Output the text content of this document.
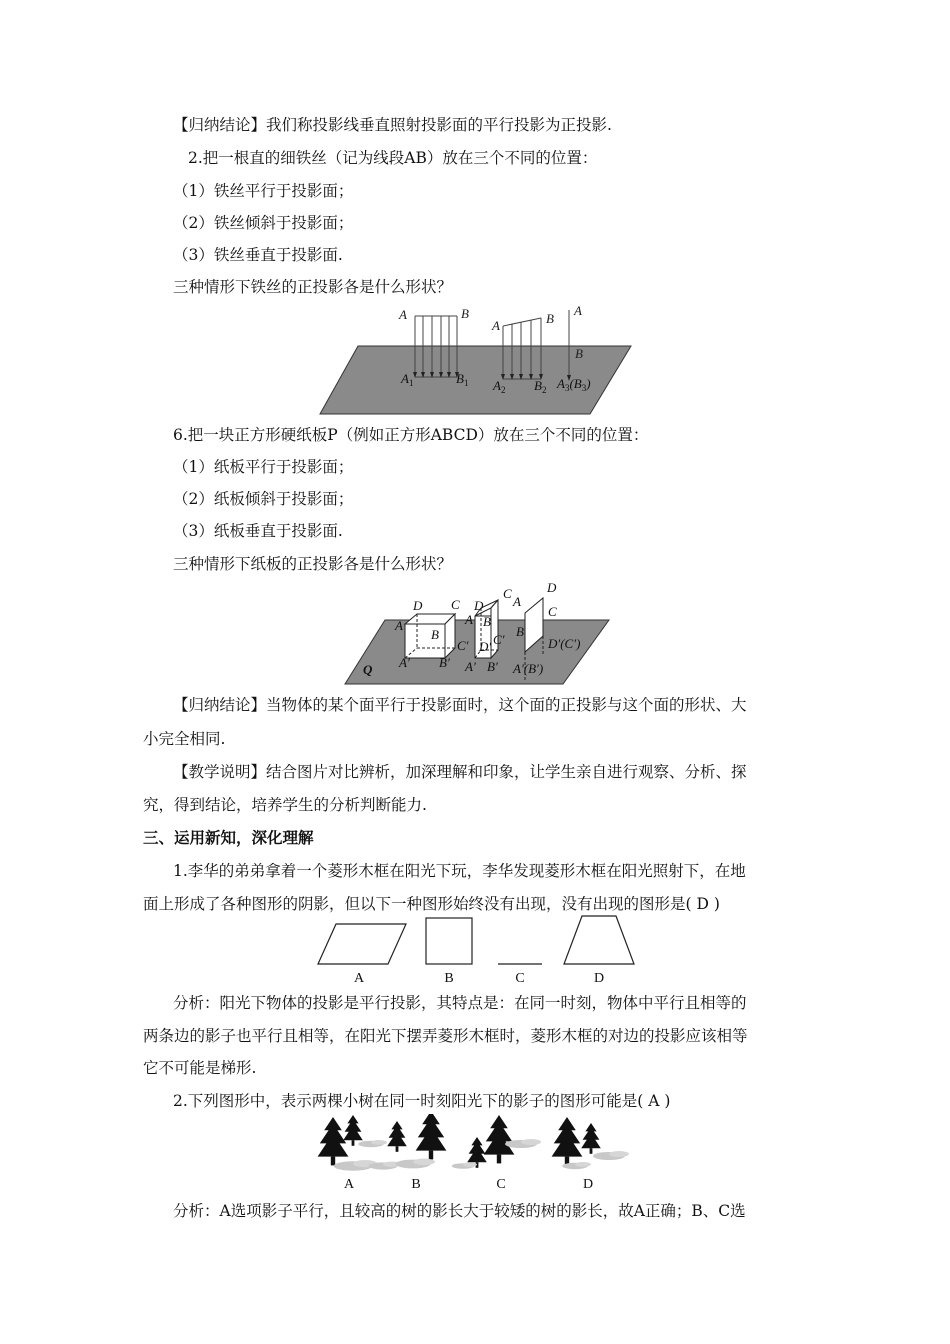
【归纳结论】我们称投影线垂直照射投影面的平行投影为正投影.
2.把一根直的细铁丝（记为线段AB）放在三个不同的位置：
（1）铁丝平行于投影面；
（2）铁丝倾斜于投影面；
（3）铁丝垂直于投影面.
三种情形下铁丝的正投影各是什么形状？
A	B
A	B
A
B
$A_1$	$B_1$ $A_2$ $B_2$ $A_3(B_3)$
6.把一块正方形硬纸板P（例如正方形ABCD）放在三个不同的位置：
（1）纸板平行于投影面；
（2）纸板倾斜于投影面；
（3）纸板垂直于投影面.
三种情形下纸板的正投影各是什么形状？
D C
A
B
C′
A′ B′
Q
D
C
A B
C′
D′
A′ B′
D
A
C
B
D′(C′)
A′(B′)
【归纳结论】当物体的某个面平行于投影面时，这个面的正投影与这个面的形状、大
小完全相同.
【教学说明】结合图片对比辨析，加深理解和印象，让学生亲自进行观察、分析、探
究，得到结论，培养学生的分析判断能力.
三、运用新知，深化理解
1.李华的弟弟拿着一个菱形木框在阳光下玩，李华发现菱形木框在阳光照射下，在地
面上形成了各种图形的阴影，但以下一种图形始终没有出现，没有出现的图形是( D )
A	B	C	D
分析：阳光下物体的投影是平行投影，其特点是：在同一时刻，物体中平行且相等的
两条边的影子也平行且相等，在阳光下摆弄菱形木框时，菱形木框的对边的投影应该相等
它不可能是梯形.
2.下列图形中，表示两棵小树在同一时刻阳光下的影子的图形可能是( A )
A	B	C	D
分析：A选项影子平行，且较高的树的影长大于较矮的树的影长，故A正确；B、C选
